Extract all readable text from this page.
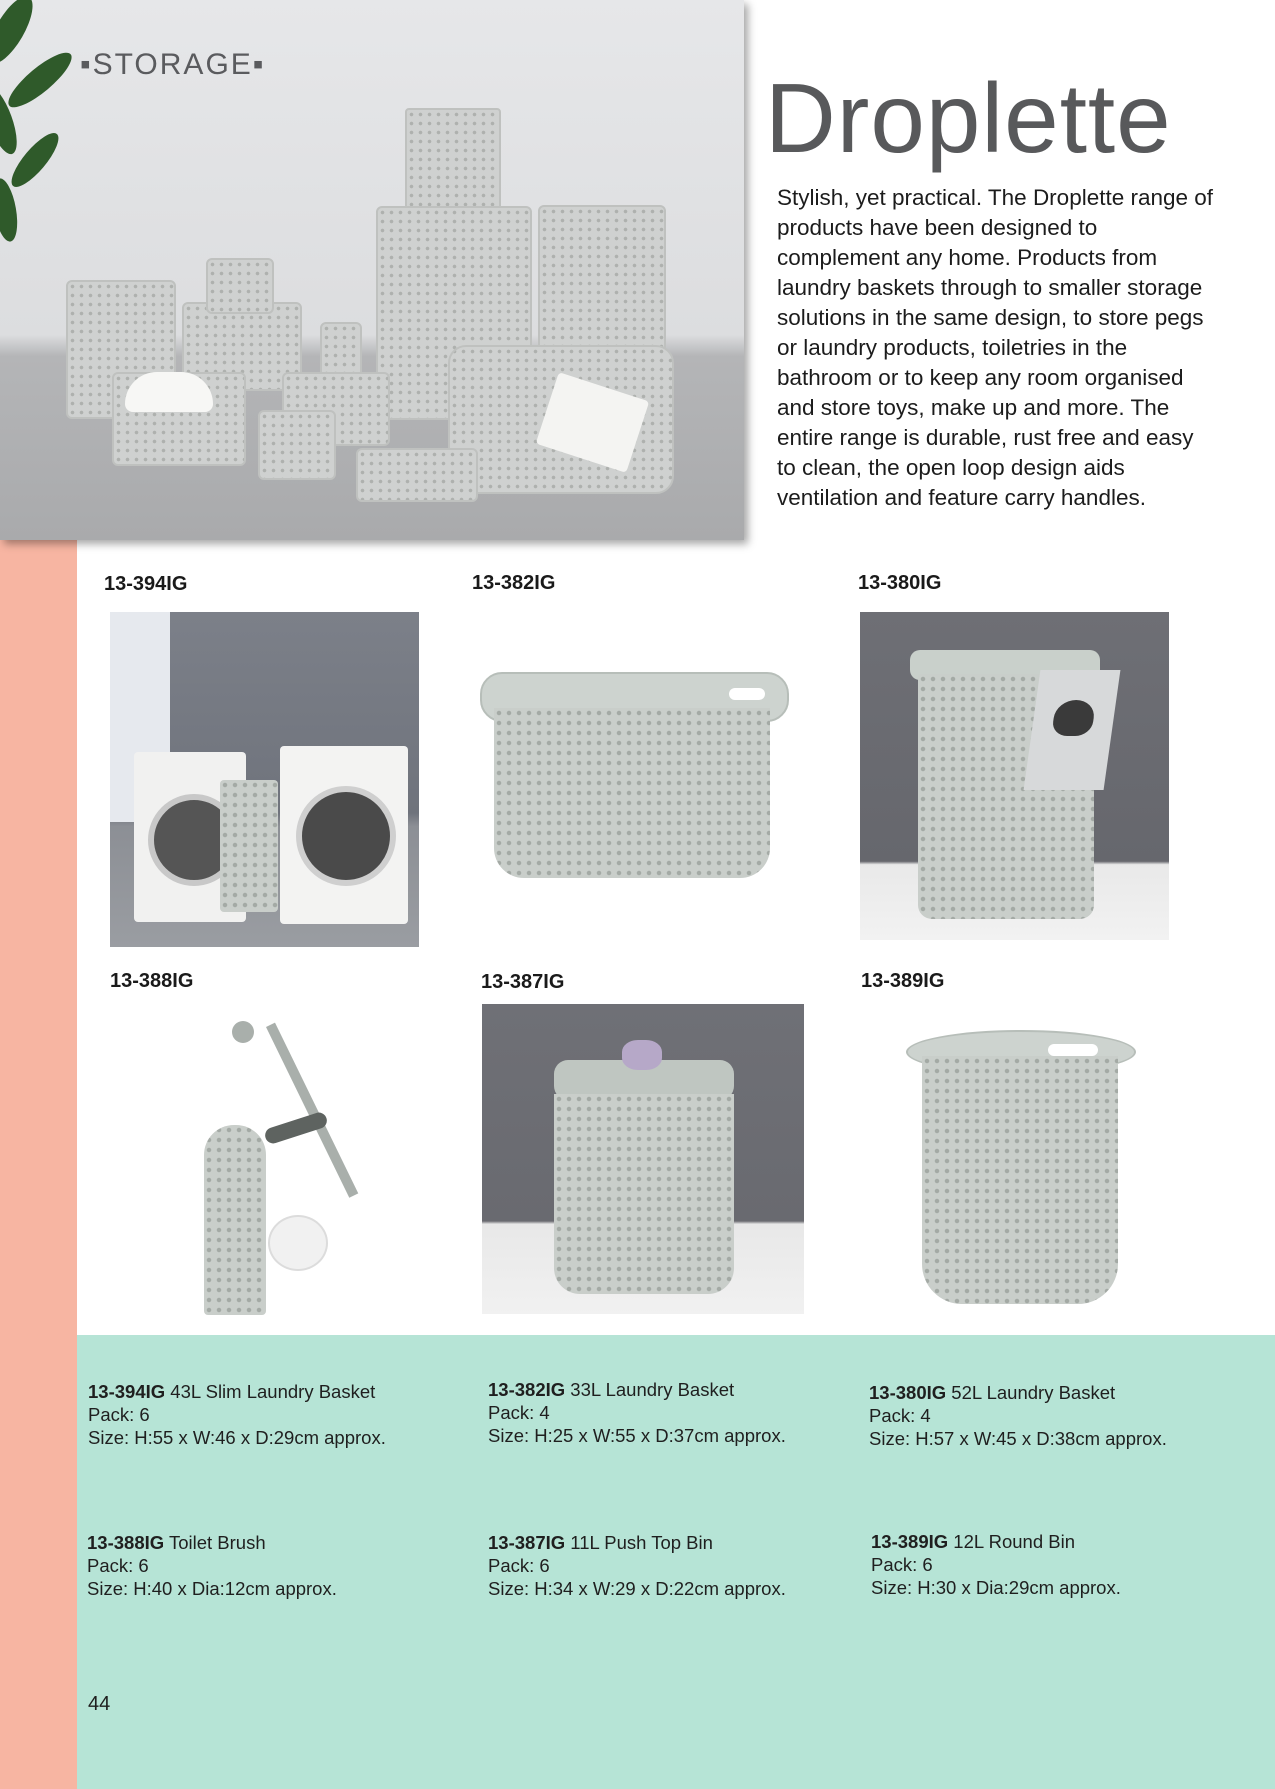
▪STORAGE▪	Droplette
Stylish, yet practical. The Droplette range of products have been designed to complement any home. Products from laundry baskets through to smaller storage solutions in the same design, to store pegs or laundry products, toiletries in the bathroom or to keep any room organised and store toys, make up and more. The entire range is durable, rust free and easy to clean, the open loop design aids ventilation and feature carry handles.
13-394IG	13-382IG	13-380IG
13-388IG	13-387IG	13-389IG
13-394IG 43L Slim Laundry Basket
Pack: 6
Size: H:55 x W:46 x D:29cm approx.
13-382IG 33L Laundry Basket
Pack: 4
Size: H:25 x W:55 x D:37cm approx.
13-380IG 52L Laundry Basket
Pack: 4
Size: H:57 x W:45 x D:38cm approx.
13-388IG Toilet Brush
Pack: 6
Size: H:40 x Dia:12cm approx.
13-387IG 11L Push Top Bin
Pack: 6
Size: H:34 x W:29 x D:22cm approx.
13-389IG 12L Round Bin
Pack: 6
Size: H:30 x Dia:29cm approx.
44
